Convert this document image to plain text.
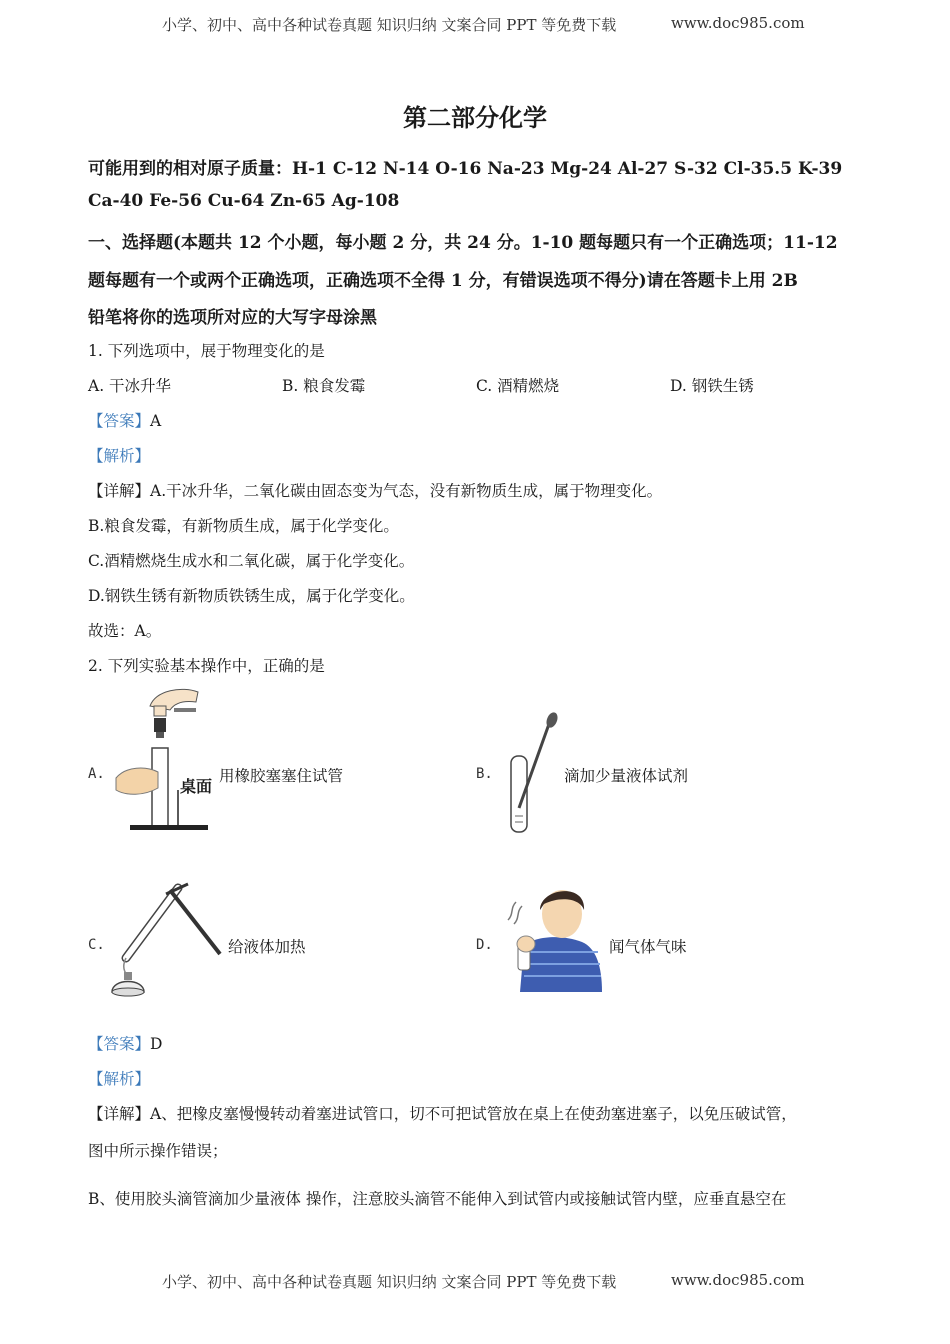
小学、初中、高中各种试卷真题 知识归纳 文案合同 PPT 等免费下载	www.doc985.com
第二部分化学
可能用到的相对原子质量：H-1 C-12 N-14 O-16 Na-23 Mg-24 Al-27 S-32 Cl-35.5 K-39
Ca-40 Fe-56 Cu-64 Zn-65 Ag-108
一、选择题(本题共 12 个小题，每小题 2 分，共 24 分。1-10 题每题只有一个正确选项；11-12
题每题有一个或两个正确选项，正确选项不全得 1 分，有错误选项不得分)请在答题卡上用 2B
铅笔将你的选项所对应的大写字母涂黑
1. 下列选项中，展于物理变化的是
A. 干冰升华	B. 粮食发霉	C. 酒精燃烧	D. 钢铁生锈
【答案】A
【解析】
【详解】A.干冰升华，二氧化碳由固态变为气态，没有新物质生成，属于物理变化。
B.粮食发霉，有新物质生成，属于化学变化。
C.酒精燃烧生成水和二氧化碳，属于化学变化。
D.钢铁生锈有新物质铁锈生成，属于化学变化。
故选：A。
2. 下列实验基本操作中，正确的是
A.
桌面
用橡胶塞塞住试管	B.	滴加少量液体试剂
C.	给液体加热	D.	闻气体气味
【答案】D
【解析】
【详解】A、把橡皮塞慢慢转动着塞进试管口，切不可把试管放在桌上在使劲塞进塞子，以免压破试管，
图中所示操作错误；
B、使用胶头滴管滴加少量液体 操作，注意胶头滴管不能伸入到试管内或接触试管内壁，应垂直悬空在
小学、初中、高中各种试卷真题 知识归纳 文案合同 PPT 等免费下载	www.doc985.com
